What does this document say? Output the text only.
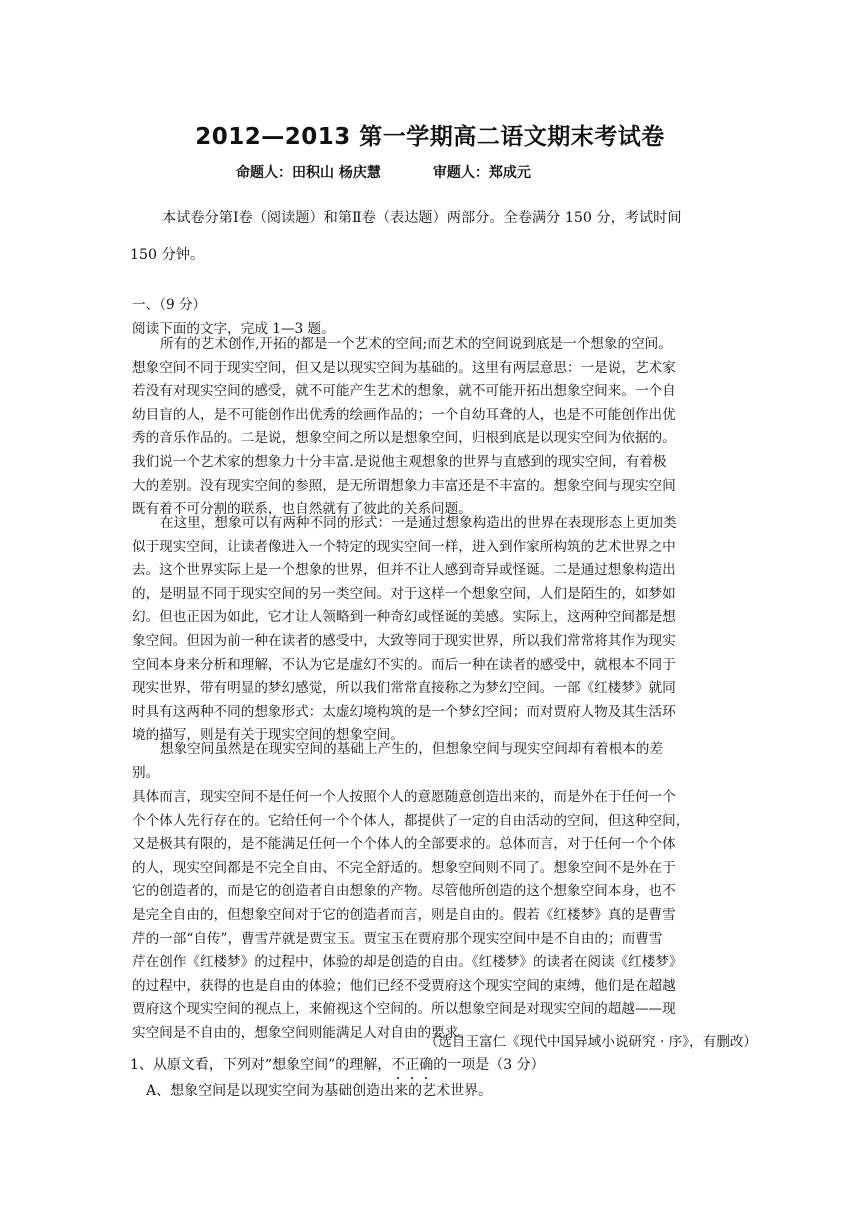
2012—2013 第一学期高二语文期末考试卷
命题人：田积山 杨庆慧	审题人：郑成元

本试卷分第Ⅰ卷（阅读题）和第Ⅱ卷（表达题）两部分。全卷满分 150 分，考试时间
150 分钟。

一、（9 分）
阅读下面的文字，完成 1—3 题。
所有的艺术创作,开拓的都是一个艺术的空间;而艺术的空间说到底是一个想象的空间。
想象空间不同于现实空间，但又是以现实空间为基础的。这里有两层意思：一是说，艺术家
若没有对现实空间的感受，就不可能产生艺术的想象，就不可能开拓出想象空间来。一个自
幼目盲的人，是不可能创作出优秀的绘画作品的；一个自幼耳聋的人，也是不可能创作出优
秀的音乐作品的。二是说，想象空间之所以是想象空间，归根到底是以现实空间为依据的。
我们说一个艺术家的想象力十分丰富.是说他主观想象的世界与直感到的现实空间，有着极
大的差别。没有现实空间的参照，是无所谓想象力丰富还是不丰富的。想象空间与现实空间
既有着不可分割的联系，也自然就有了彼此的关系问题。
在这里，想象可以有两种不同的形式：一是通过想象构造出的世界在表现形态上更加类
似于现实空间，让读者像进入一个特定的现实空间一样，进入到作家所构筑的艺术世界之中
去。这个世界实际上是一个想象的世界，但并不让人感到奇异或怪诞。二是通过想象构造出
的，是明显不同于现实空间的另一类空间。对于这样一个想象空间，人们是陌生的，如梦如
幻。但也正因为如此，它才让人领略到一种奇幻或怪诞的美感。实际上，这两种空间都是想
象空间。但因为前一种在读者的感受中，大致等同于现实世界，所以我们常常将其作为现实
空间本身来分析和理解，不认为它是虚幻不实的。而后一种在读者的感受中，就根本不同于
现实世界，带有明显的梦幻感觉，所以我们常常直接称之为梦幻空间。一部《红楼梦》就同
时具有这两种不同的想象形式：太虚幻境构筑的是一个梦幻空间；而对贾府人物及其生活环
境的描写，则是有关于现实空间的想象空间。
想象空间虽然是在现实空间的基础上产生的，但想象空间与现实空间却有着根本的差
别。
具体而言，现实空间不是任何一个人按照个人的意愿随意创造出来的，而是外在于任何一个
个个体人先行存在的。它给任何一个个体人，都提供了一定的自由活动的空间，但这种空间，
又是极其有限的，是不能满足任何一个个体人的全部要求的。总体而言，对于任何一个个体
的人，现实空间都是不完全自由、不完全舒适的。想象空间则不同了。想象空间不是外在于
它的创造者的，而是它的创造者自由想象的产物。尽管他所创造的这个想象空间本身，也不
是完全自由的，但想象空间对于它的创造者而言，则是自由的。假若《红楼梦》真的是曹雪
芹的一部“自传”，曹雪芹就是贾宝玉。贾宝玉在贾府那个现实空间中是不自由的；而曹雪
芹在创作《红楼梦》的过程中，体验的却是创造的自由。《红楼梦》的读者在阅读《红楼梦》
的过程中，获得的也是自由的体验；他们已经不受贾府这个现实空间的束缚，他们是在超越
贾府这个现实空间的视点上，来俯视这个空间的。所以想象空间是对现实空间的超越——现
实空间是不自由的，想象空间则能满足人对自由的要求。
（选自王富仁《现代中国异域小说研究 · 序》，有删改）
1、从原文看，下列对“想象空间”的理解，不正确的一项是（3 分）
A、想象空间是以现实空间为基础创造出来的艺术世界。
